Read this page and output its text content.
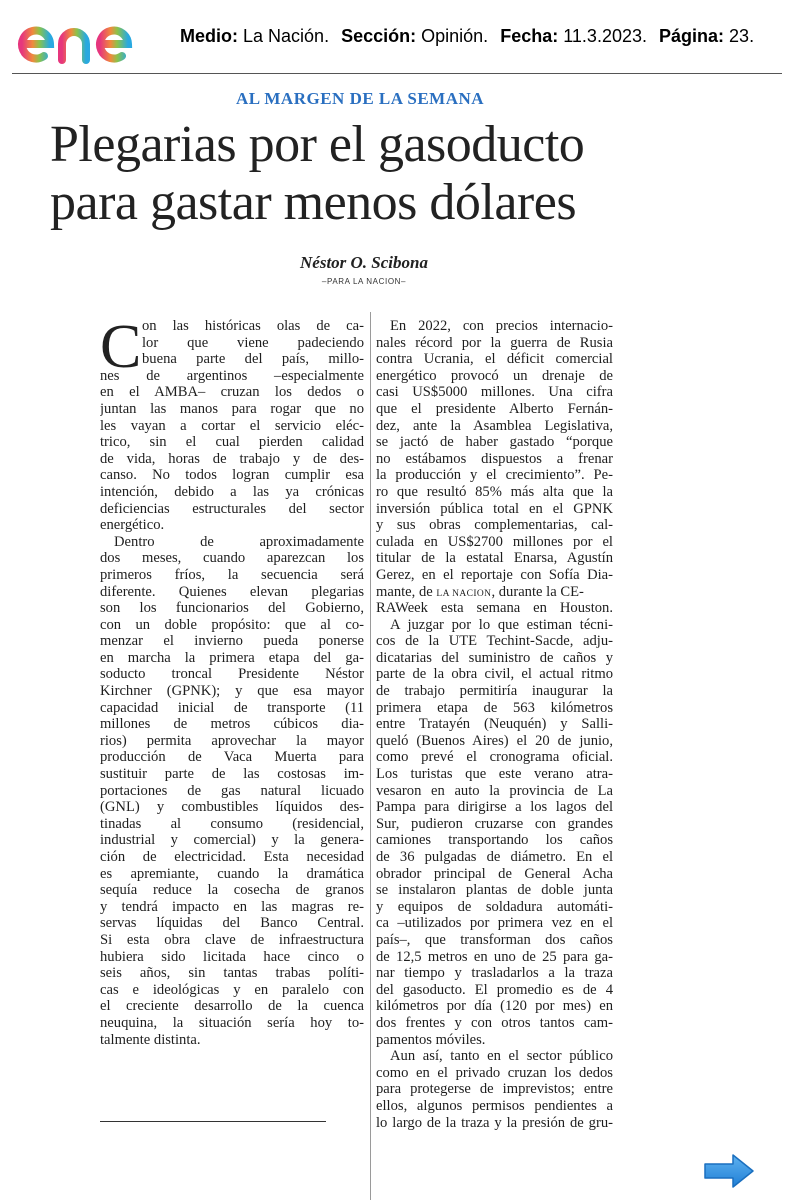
Medio: La Nación. Sección: Opinión. Fecha: 11.3.2023. Página: 23.
AL MARGEN DE LA SEMANA
Plegarias por el gasoducto
para gastar menos dólares
Néstor O. Scibona
–PARA LA NACION–
C on las históricas olas de ca-
lor que viene padeciendo
buena parte del país, millo-
nes de argentinos –especialmente
en el AMBA– cruzan los dedos o
juntan las manos para rogar que no
les vayan a cortar el servicio eléc-
trico, sin el cual pierden calidad
de vida, horas de trabajo y de des-
canso. No todos logran cumplir esa
intención, debido a las ya crónicas
deficiencias estructurales del sector
energético.
Dentro de aproximadamente
dos meses, cuando aparezcan los
primeros fríos, la secuencia será
diferente. Quienes elevan plegarias
son los funcionarios del Gobierno,
con un doble propósito: que al co-
menzar el invierno pueda ponerse
en marcha la primera etapa del ga-
soducto troncal Presidente Néstor
Kirchner (GPNK); y que esa mayor
capacidad inicial de transporte (11
millones de metros cúbicos dia-
rios) permita aprovechar la mayor
producción de Vaca Muerta para
sustituir parte de las costosas im-
portaciones de gas natural licuado
(GNL) y combustibles líquidos des-
tinadas al consumo (residencial,
industrial y comercial) y la genera-
ción de electricidad. Esta necesidad
es apremiante, cuando la dramática
sequía reduce la cosecha de granos
y tendrá impacto en las magras re-
servas líquidas del Banco Central.
Si esta obra clave de infraestructura
hubiera sido licitada hace cinco o
seis años, sin tantas trabas políti-
cas e ideológicas y en paralelo con
el creciente desarrollo de la cuenca
neuquina, la situación sería hoy to-
talmente distinta.
En 2022, con precios internacio-
nales récord por la guerra de Rusia
contra Ucrania, el déficit comercial
energético provocó un drenaje de
casi US$5000 millones. Una cifra
que el presidente Alberto Fernán-
dez, ante la Asamblea Legislativa,
se jactó de haber gastado “porque
no estábamos dispuestos a frenar
la producción y el crecimiento”. Pe-
ro que resultó 85% más alta que la
inversión pública total en el GPNK
y sus obras complementarias, cal-
culada en US$2700 millones por el
titular de la estatal Enarsa, Agustín
Gerez, en el reportaje con Sofía Dia-
mante, de LA NACION, durante la CE-
RAWeek esta semana en Houston.
A juzgar por lo que estiman técni-
cos de la UTE Techint-Sacde, adju-
dicatarias del suministro de caños y
parte de la obra civil, el actual ritmo
de trabajo permitiría inaugurar la
primera etapa de 563 kilómetros
entre Tratayén (Neuquén) y Salli-
queló (Buenos Aires) el 20 de junio,
como prevé el cronograma oficial.
Los turistas que este verano atra-
vesaron en auto la provincia de La
Pampa para dirigirse a los lagos del
Sur, pudieron cruzarse con grandes
camiones transportando los caños
de 36 pulgadas de diámetro. En el
obrador principal de General Acha
se instalaron plantas de doble junta
y equipos de soldadura automáti-
ca –utilizados por primera vez en el
país–, que transforman dos caños
de 12,5 metros en uno de 25 para ga-
nar tiempo y trasladarlos a la traza
del gasoducto. El promedio es de 4
kilómetros por día (120 por mes) en
dos frentes y con otros tantos cam-
pamentos móviles.
Aun así, tanto en el sector público
como en el privado cruzan los dedos
para protegerse de imprevistos; entre
ellos, algunos permisos pendientes a
lo largo de la traza y la presión de gru-
